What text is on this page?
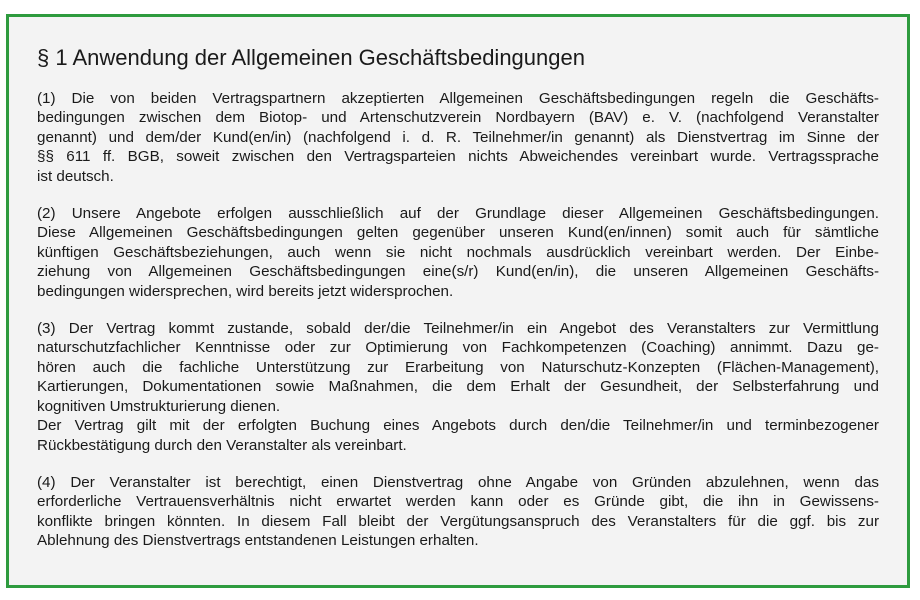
§ 1 Anwendung der Allgemeinen Geschäftsbedingungen
(1) Die von beiden Vertragspartnern akzeptierten Allgemeinen Geschäftsbedingungen regeln die Geschäfts-
bedingungen zwischen dem Biotop- und Artenschutzverein Nordbayern (BAV) e. V. (nachfolgend Veranstalter
genannt) und dem/der Kund(en/in) (nachfolgend i. d. R. Teilnehmer/in genannt) als Dienstvertrag im Sinne der
§§ 611 ff. BGB, soweit zwischen den Vertragsparteien nichts Abweichendes vereinbart wurde. Vertragssprache
ist deutsch.
(2) Unsere Angebote erfolgen ausschließlich auf der Grundlage dieser Allgemeinen Geschäftsbedingungen.
Diese Allgemeinen Geschäftsbedingungen gelten gegenüber unseren Kund(en/innen) somit auch für sämtliche
künftigen Geschäftsbeziehungen, auch wenn sie nicht nochmals ausdrücklich vereinbart werden. Der Einbe-
ziehung von Allgemeinen Geschäftsbedingungen eine(s/r) Kund(en/in), die unseren Allgemeinen Geschäfts-
bedingungen widersprechen, wird bereits jetzt widersprochen.
(3) Der Vertrag kommt zustande, sobald der/die Teilnehmer/in ein Angebot des Veranstalters zur Vermittlung
naturschutzfachlicher Kenntnisse oder zur Optimierung von Fachkompetenzen (Coaching) annimmt. Dazu ge-
hören auch die fachliche Unterstützung zur Erarbeitung von Naturschutz-Konzepten (Flächen-Management),
Kartierungen, Dokumentationen sowie Maßnahmen, die dem Erhalt der Gesundheit, der Selbsterfahrung und
kognitiven Umstrukturierung dienen.
Der Vertrag gilt mit der erfolgten Buchung eines Angebots durch den/die Teilnehmer/in und terminbezogener
Rückbestätigung durch den Veranstalter als vereinbart.
(4) Der Veranstalter ist berechtigt, einen Dienstvertrag ohne Angabe von Gründen abzulehnen, wenn das
erforderliche Vertrauensverhältnis nicht erwartet werden kann oder es Gründe gibt, die ihn in Gewissens-
konflikte bringen könnten. In diesem Fall bleibt der Vergütungsanspruch des Veranstalters für die ggf. bis zur
Ablehnung des Dienstvertrags entstandenen Leistungen erhalten.
